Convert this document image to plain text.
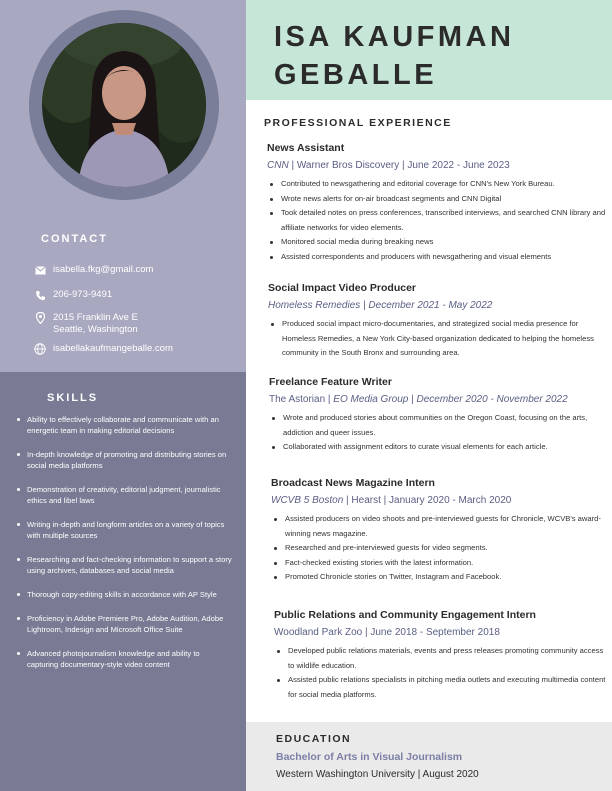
CONTACT
isabella.fkg@gmail.com
206-973-9491
2015 Franklin Ave E
Seattle, Washington
isabellakaufmangeballe.com
SKILLS
Ability to effectively collaborate and communicate with an energetic team in making editorial decisions
In-depth knowledge of promoting and distributing stories on social media platforms
Demonstration of creativity, editorial judgment, journalistic ethics and libel laws
Writing in-depth and longform articles on a variety of topics with multiple sources
Researching and fact-checking information to support a story using archives, databases and social media
Thorough copy-editing skills in accordance with AP Style
Proficiency in Adobe Premiere Pro, Adobe Audition, Adobe Lightroom, Indesign and Microsoft Office Suite
Advanced photojournalism knowledge and ability to capturing documentary-style video content
ISA KAUFMAN
GEBALLE
PROFESSIONAL EXPERIENCE
News Assistant
CNN | Warner Bros Discovery | June 2022 - June 2023
Contributed to newsgathering and editorial coverage for CNN's New York Bureau.
Wrote news alerts for on-air broadcast segments and CNN Digital
Took detailed notes on press conferences, transcribed interviews, and searched CNN library and affiliate networks for video elements.
Monitored social media during breaking news
Assisted correspondents and producers with newsgathering and visual elements
Social Impact Video Producer
Homeless Remedies | December 2021 - May 2022
Produced social impact micro-documentaries, and strategized social media presence for Homeless Remedies, a New York City-based organization dedicated to helping the homeless community in the South Bronx and surrounding area.
Freelance Feature Writer
The Astorian | EO Media Group | December 2020 - November 2022
Wrote and produced stories about communities on the Oregon Coast, focusing on the arts, addiction and queer issues.
Collaborated with assignment editors to curate visual elements for each article.
Broadcast News Magazine Intern
WCVB 5 Boston | Hearst | January 2020 - March 2020
Assisted producers on video shoots and pre-interviewed guests for Chronicle, WCVB's award-winning news magazine.
Researched and pre-interviewed guests for video segments.
Fact-checked existing stories with the latest information.
Promoted Chronicle stories on Twitter, Instagram and Facebook.
Public Relations and Community Engagement Intern
Woodland Park Zoo | June 2018 - September 2018
Developed public relations materials, events and press releases promoting community access to wildlife education.
Assisted public relations specialists in pitching media outlets and executing multimedia content for social media platforms.
EDUCATION
Bachelor of Arts in Visual Journalism
Western Washington University | August 2020
